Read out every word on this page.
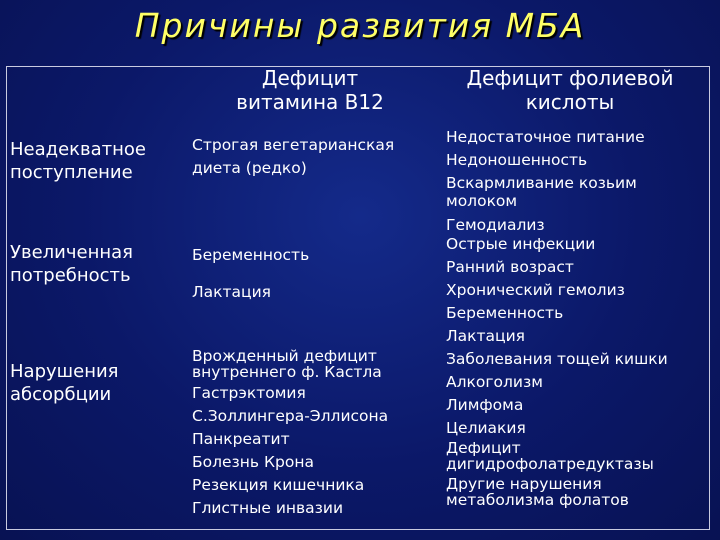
Причины развития МБА
Дефицит
витамина В12
Дефицит фолиевой
кислоты
Неадекватное
поступление
Строгая вегетарианская
диета (редко)
Недостаточное питание
Недоношенность
Вскармливание козьим
молоком
Гемодиализ
Увеличенная
потребность
Беременность
Лактация
Острые инфекции
Ранний возраст
Хронический гемолиз
Беременность
Лактация
Нарушения
абсорбции
Врожденный дефицит
внутреннего ф. Кастла
Гастрэктомия
С.Золлингера-Эллисона
Панкреатит
Болезнь Крона
Резекция кишечника
Глистные инвазии
Заболевания тощей кишки
Алкоголизм
Лимфома
Целиакия
Дефицит
дигидрофолатредуктазы
Другие нарушения
метаболизма фолатов
